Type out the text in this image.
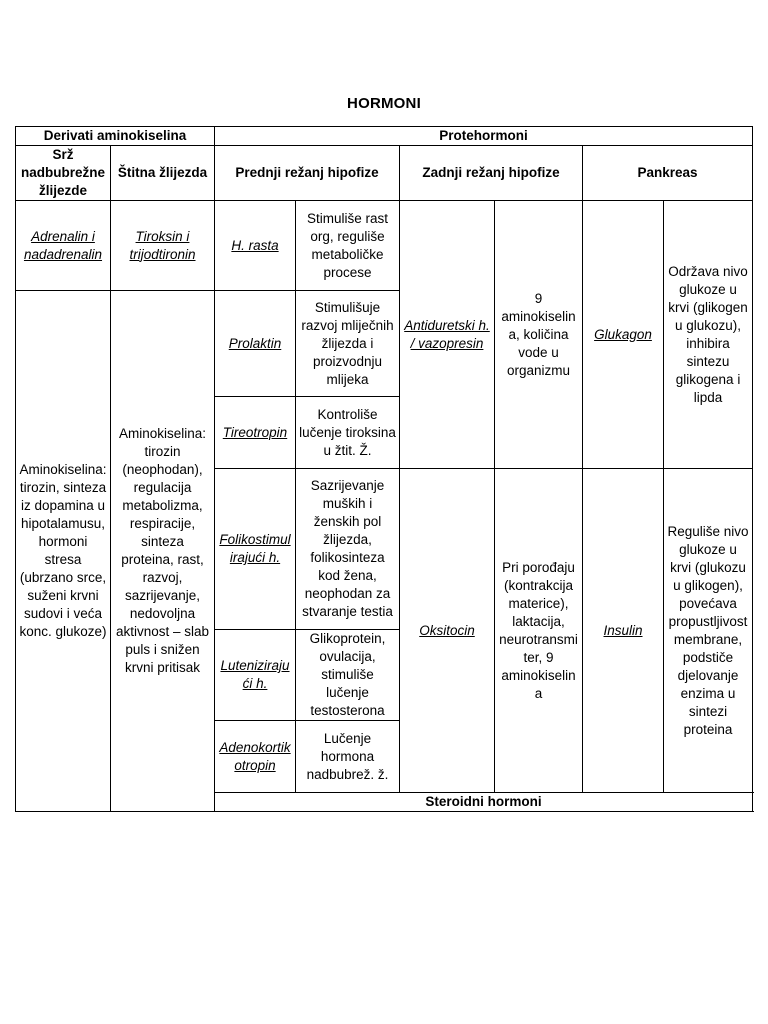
HORMONI
Derivati aminokiselina		Protehormoni					
Srž nadbubrežne žlijezde	Štitna žlijezda	Prednji režanj hipofize		Zadnji režanj hipofize		Pankreas	
Adrenalin i nadadrenalin	Tiroksin i trijodtironin	H. rasta	Stimuliše rast org, reguliše metaboličke procese	Antiduretski h. / vazopresin	9 aminokiselina, količina vode u organizmu	Glukagon	Održava nivo glukoze u krvi (glikogen u glukozu), inhibira sintezu glikogena i lipda
Aminokiselina: tirozin, sinteza iz dopamina u hipotalamusu, hormoni stresa (ubrzano srce, suženi krvni sudovi i veća konc. glukoze)	Aminokiselina: tirozin (neophodan), regulacija metabolizma, respiracije, sinteza proteina, rast, razvoj, sazrijevanje, nedovoljna aktivnost – slab puls i snižen krvni pritisak	Prolaktin	Stimulišuje razvoj mliječnih žlijezda i proizvodnju mlijeka				
		Tireotropin	Kontroliše lučenje tiroksina u žtit. Ž.				
		Folikostimulirajući h.	Sazrijevanje muških i ženskih pol žlijezda, folikosinteza kod žena, neophodan za stvaranje testia	Oksitocin	Pri porođaju (kontrakcija materice), laktacija, neurotransmiter, 9 aminokiselina	Insulin	Reguliše nivo glukoze u krvi (glukozu u glikogen), povećava propustljivost membrane, podstiče djelovanje enzima u sintezi proteina
		Lutenizirajući h.	Glikoprotein, ovulacija, stimuliše lučenje testosterona				
		Adenokortikotropin	Lučenje hormona nadbubrež. ž.				
		Steroidni hormoni					
